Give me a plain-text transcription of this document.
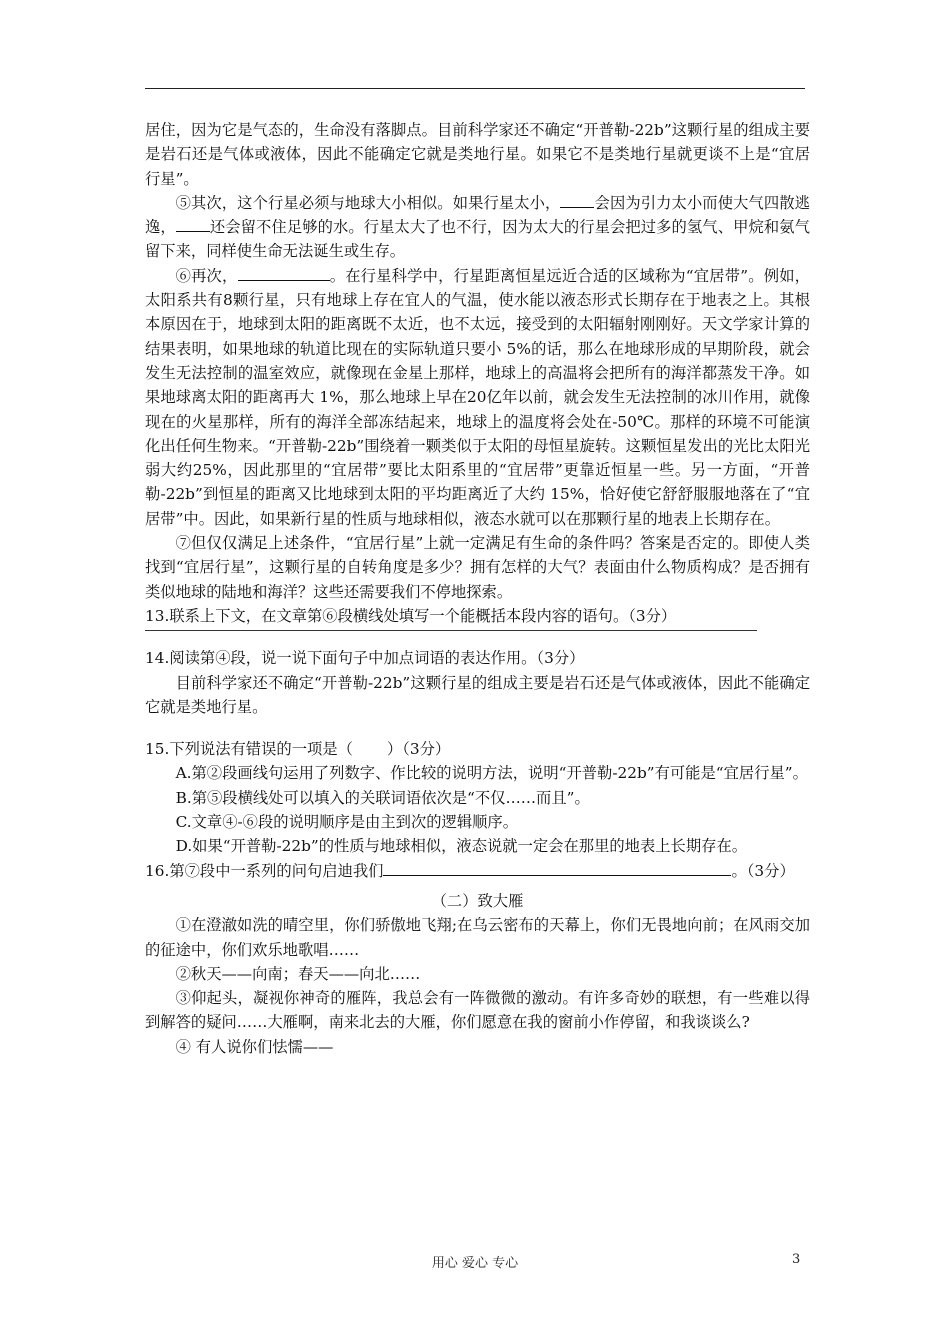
居住，因为它是气态的，生命没有落脚点。目前科学家还不确定“开普勒-22b”这颗行星的组成主要是岩石还是气体或液体，因此不能确定它就是类地行星。如果它不是类地行星就更谈不上是“宜居行星”。

⑤其次，这个行星必须与地球大小相似。如果行星太小， 会因为引力太小而使大气四散逃逸， 还会留不住足够的水。行星太大了也不行，因为太大的行星会把过多的氢气、甲烷和氨气留下来，同样使生命无法诞生或生存。

⑥再次，	。在行星科学中，行星距离恒星远近合适的区域称为“宜居带”。例如，太阳系共有8颗行星，只有地球上存在宜人的气温，使水能以液态形式长期存在于地表之上。其根本原因在于，地球到太阳的距离既不太近，也不太远，接受到的太阳辐射刚刚好。天文学家计算的结果表明，如果地球的轨道比现在的实际轨道只要小 5%的话，那么在地球形成的早期阶段，就会发生无法控制的温室效应，就像现在金星上那样，地球上的高温将会把所有的海洋都蒸发干净。如果地球离太阳的距离再大 1%，那么地球上早在20亿年以前，就会发生无法控制的冰川作用，就像现在的火星那样，所有的海洋全部冻结起来，地球上的温度将会处在-50℃。那样的环境不可能演化出任何生物来。“开普勒-22b”围绕着一颗类似于太阳的母恒星旋转。这颗恒星发出的光比太阳光弱大约25%，因此那里的“宜居带”要比太阳系里的“宜居带”更靠近恒星一些。另一方面，“开普勒-22b”到恒星的距离又比地球到太阳的平均距离近了大约 15%，恰好使它舒舒服服地落在了“宜居带”中。因此，如果新行星的性质与地球相似，液态水就可以在那颗行星的地表上长期存在。

⑦但仅仅满足上述条件，“宜居行星”上就一定满足有生命的条件吗？答案是否定的。即使人类找到“宜居行星”，这颗行星的自转角度是多少？拥有怎样的大气？表面由什么物质构成？是否拥有类似地球的陆地和海洋？这些还需要我们不停地探索。

13.联系上下文，在文章第⑥段横线处填写一个能概括本段内容的语句。（3分）

14.阅读第④段，说一说下面句子中加点词语的表达作用。（3分）

目前科学家还不确定“开普勒-22b”这颗行星的组成主要是岩石还是气体或液体，因此不能确定它就是类地行星。

15.下列说法有错误的一项是（ ）（3分）

A.第②段画线句运用了列数字、作比较的说明方法，说明“开普勒-22b”有可能是“宜居行星”。

B.第⑤段横线处可以填入的关联词语依次是“不仅……而且”。

C.文章④-⑥段的说明顺序是由主到次的逻辑顺序。

D.如果“开普勒-22b”的性质与地球相似，液态说就一定会在那里的地表上长期存在。

16.第⑦段中一系列的问句启迪我们	。（3分）

（二）致大雁

①在澄澈如洗的晴空里，你们骄傲地飞翔;在乌云密布的天幕上，你们无畏地向前；在风雨交加的征途中，你们欢乐地歌唱……

②秋天——向南；春天——向北……

③仰起头，凝视你神奇的雁阵，我总会有一阵微微的激动。有许多奇妙的联想，有一些难以得到解答的疑问……大雁啊，南来北去的大雁，你们愿意在我的窗前小作停留，和我谈谈么?

④ 有人说你们怯懦——

用心 爱心 专心	3
